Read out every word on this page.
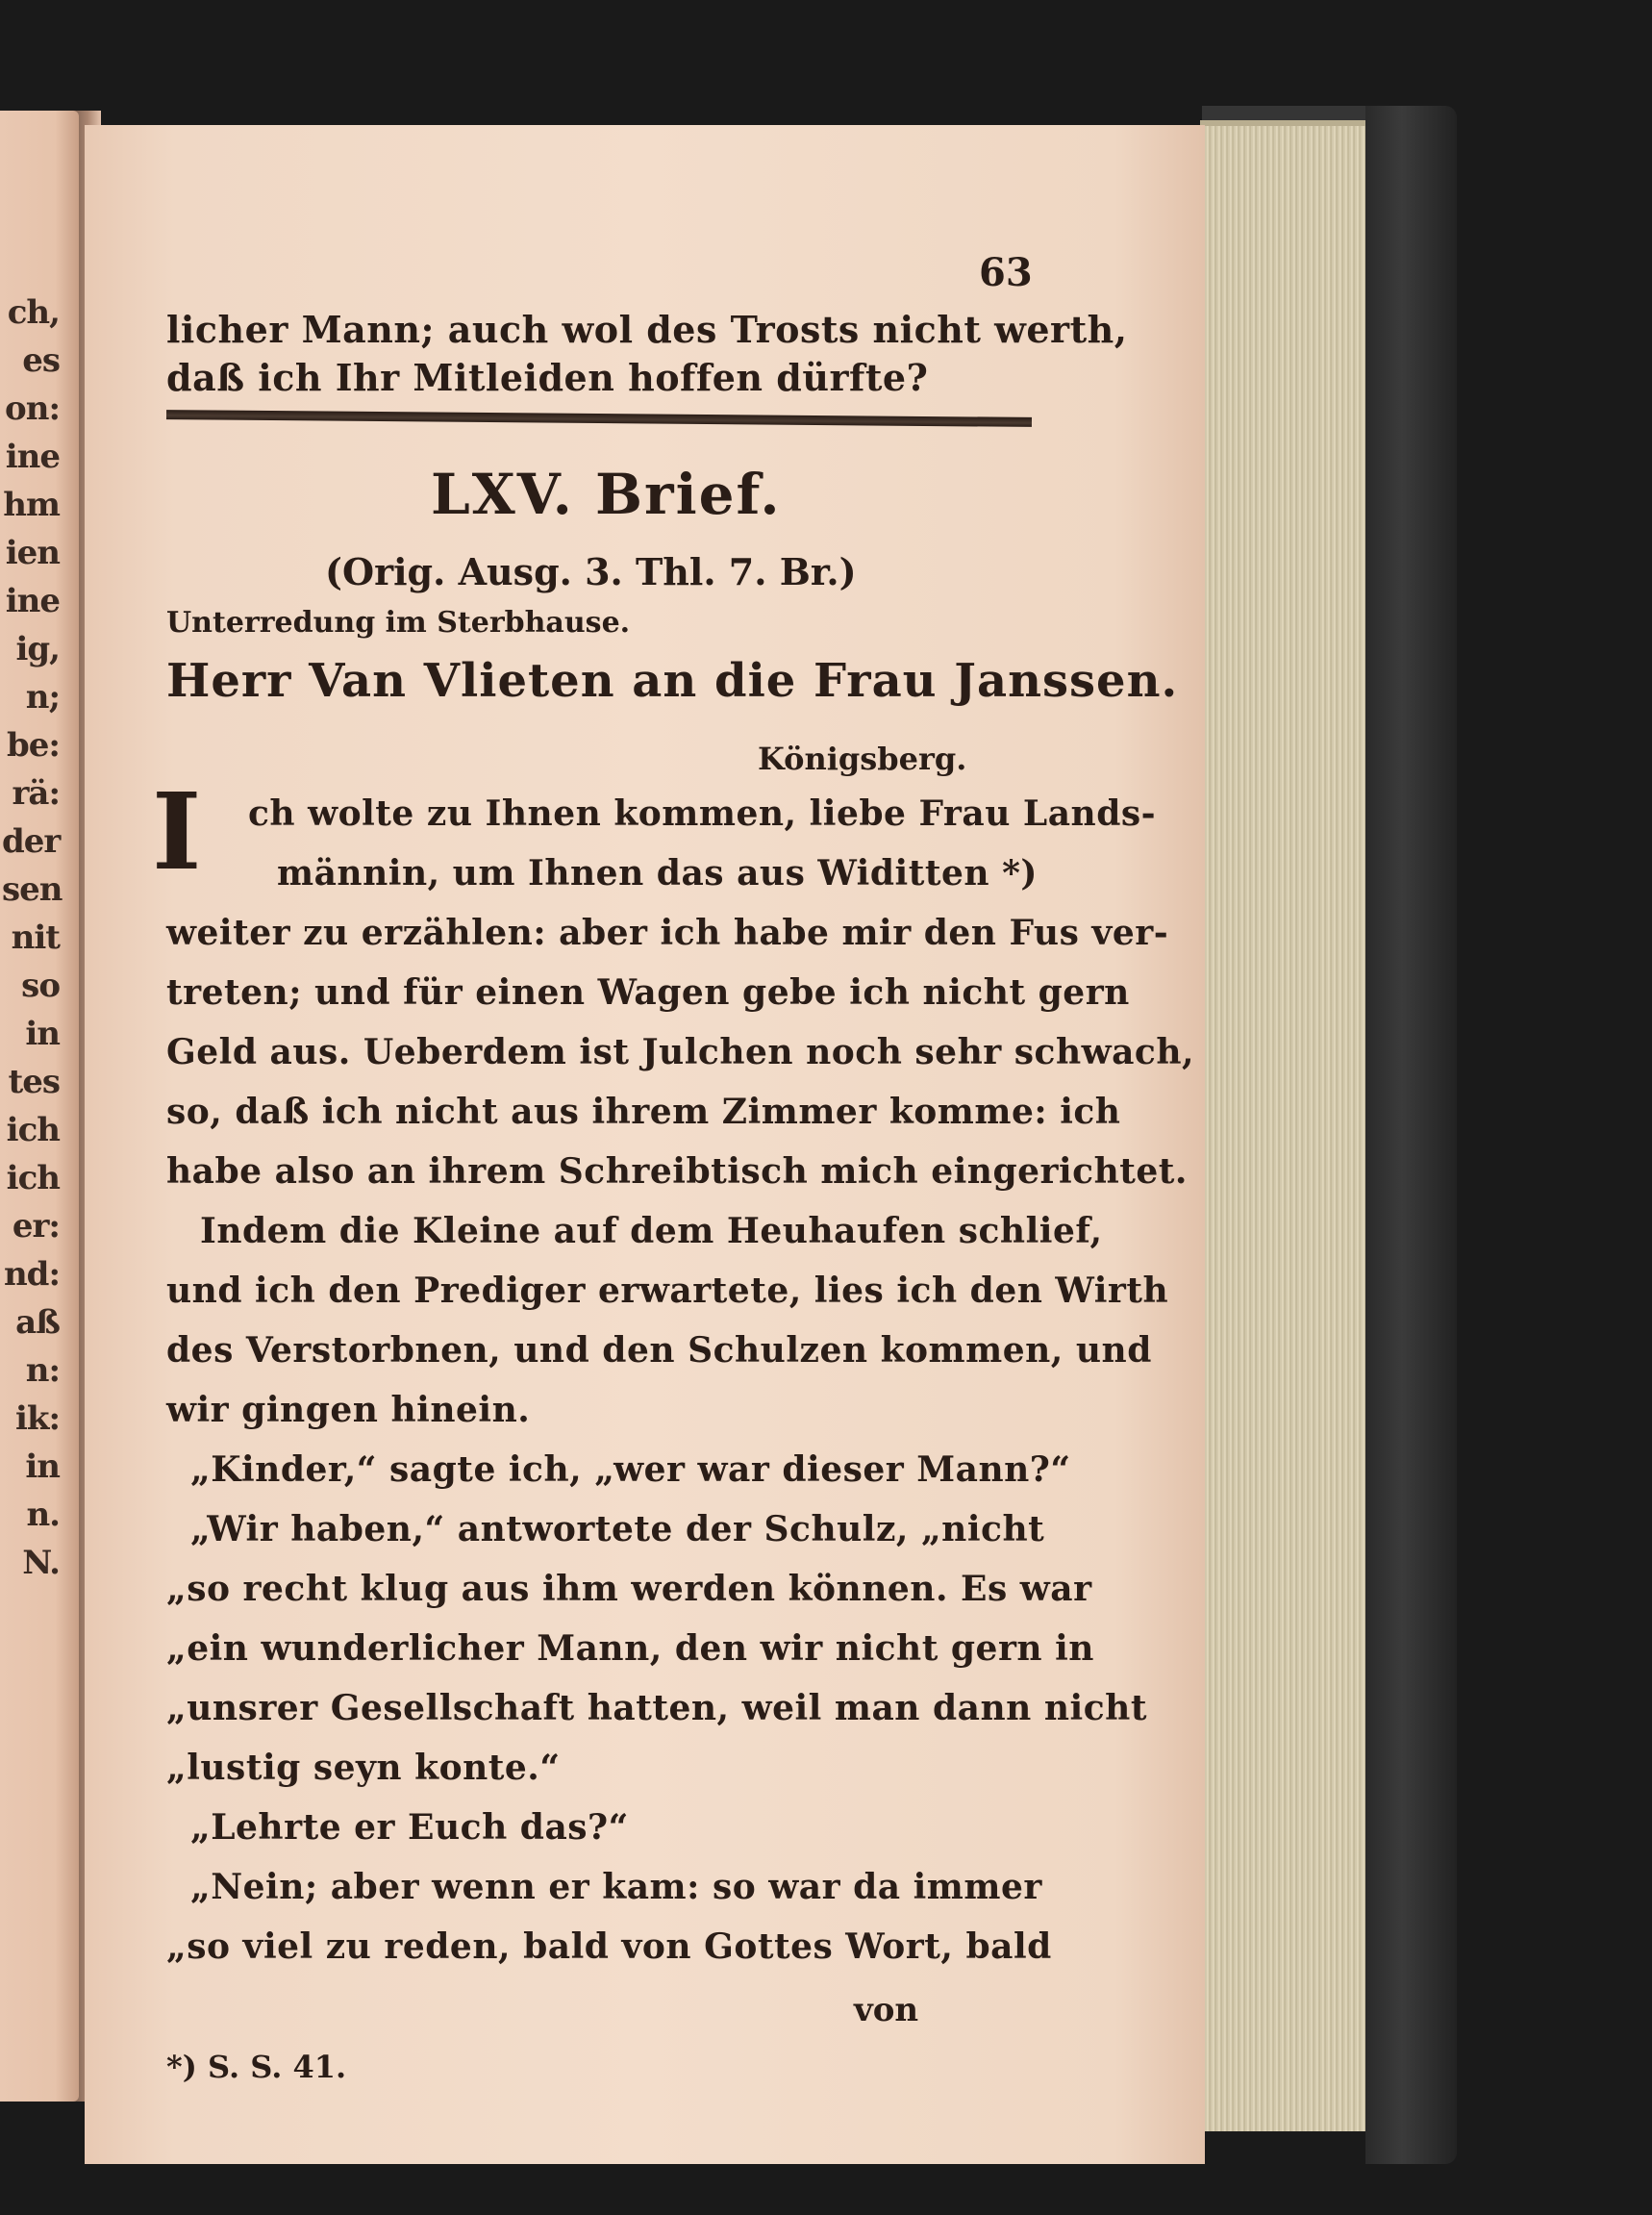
ch,
es
on:
ine
hm
ien
ine
ig,
n;
be:
rä:
der
sen
nit
so
in
tes
ich
ich
er:
nd:
aß
n:
ik:
in
n.
N.
63
licher Mann; auch wol des Trosts nicht werth,
daß ich Ihr Mitleiden hoffen dürfte?
LXV. Brief.
(Orig. Ausg. 3. Thl. 7. Br.)
Unterredung im Sterbhause.
Herr Van Vlieten an die Frau Janssen.
Königsberg.
I ch wolte zu Ihnen kommen, liebe Frau Lands-
männin, um Ihnen das aus Widitten *)
weiter zu erzählen: aber ich habe mir den Fus ver-
treten; und für einen Wagen gebe ich nicht gern
Geld aus. Ueberdem ist Julchen noch sehr schwach,
so, daß ich nicht aus ihrem Zimmer komme: ich
habe also an ihrem Schreibtisch mich eingerichtet.
Indem die Kleine auf dem Heuhaufen schlief,
und ich den Prediger erwartete, lies ich den Wirth
des Verstorbnen, und den Schulzen kommen, und
wir gingen hinein.
„Kinder,“ sagte ich, „wer war dieser Mann?“
„Wir haben,“ antwortete der Schulz, „nicht
„so recht klug aus ihm werden können. Es war
„ein wunderlicher Mann, den wir nicht gern in
„unsrer Gesellschaft hatten, weil man dann nicht
„lustig seyn konte.“
„Lehrte er Euch das?“
„Nein; aber wenn er kam: so war da immer
„so viel zu reden, bald von Gottes Wort, bald
von
*) S. S. 41.
